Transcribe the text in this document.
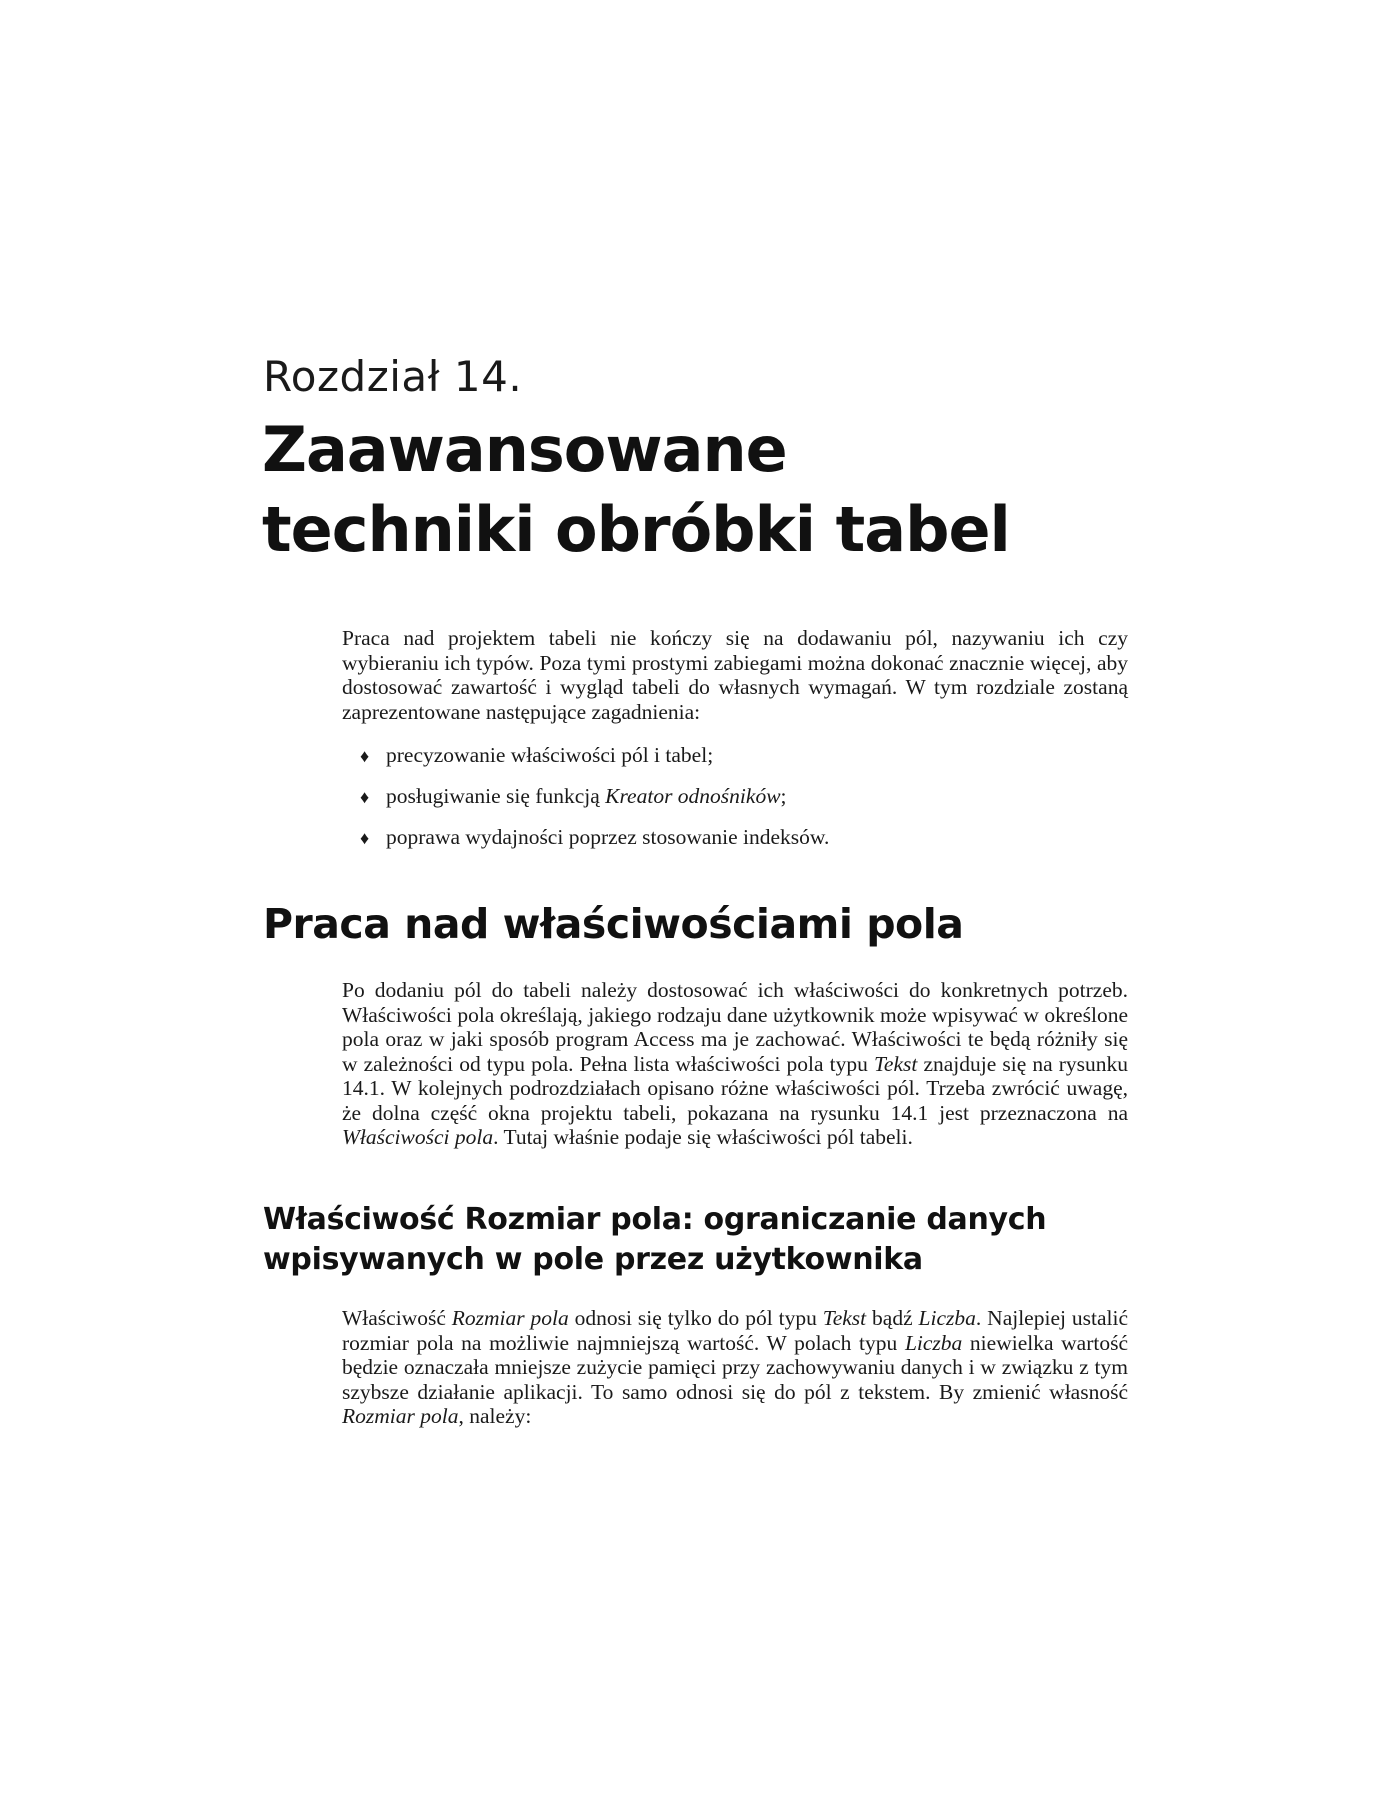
Rozdział 14.
Zaawansowane
techniki obróbki tabel

Praca nad projektem tabeli nie kończy się na dodawaniu pól, nazywaniu ich czy wybieraniu ich typów. Poza tymi prostymi zabiegami można dokonać znacznie więcej, aby dostosować zawartość i wygląd tabeli do własnych wymagań. W tym rozdziale zostaną zaprezentowane następujące zagadnienia:

♦ precyzowanie właściwości pól i tabel;
♦ posługiwanie się funkcją Kreator odnośników;
♦ poprawa wydajności poprzez stosowanie indeksów.
Praca nad właściwościami pola

Po dodaniu pól do tabeli należy dostosować ich właściwości do konkretnych potrzeb. Właściwości pola określają, jakiego rodzaju dane użytkownik może wpisywać w określone pola oraz w jaki sposób program Access ma je zachować. Właściwości te będą różniły się w zależności od typu pola. Pełna lista właściwości pola typu Tekst znajduje się na rysunku 14.1. W kolejnych podrozdziałach opisano różne właściwości pól. Trzeba zwrócić uwagę, że dolna część okna projektu tabeli, pokazana na rysunku 14.1 jest przeznaczona na Właściwości pola. Tutaj właśnie podaje się właściwości pól tabeli.

Właściwość Rozmiar pola: ograniczanie danych
wpisywanych w pole przez użytkownika

Właściwość Rozmiar pola odnosi się tylko do pól typu Tekst bądź Liczba. Najlepiej ustalić rozmiar pola na możliwie najmniejszą wartość. W polach typu Liczba niewielka wartość będzie oznaczała mniejsze zużycie pamięci przy zachowywaniu danych i w związku z tym szybsze działanie aplikacji. To samo odnosi się do pól z tekstem. By zmienić własność Rozmiar pola, należy:
